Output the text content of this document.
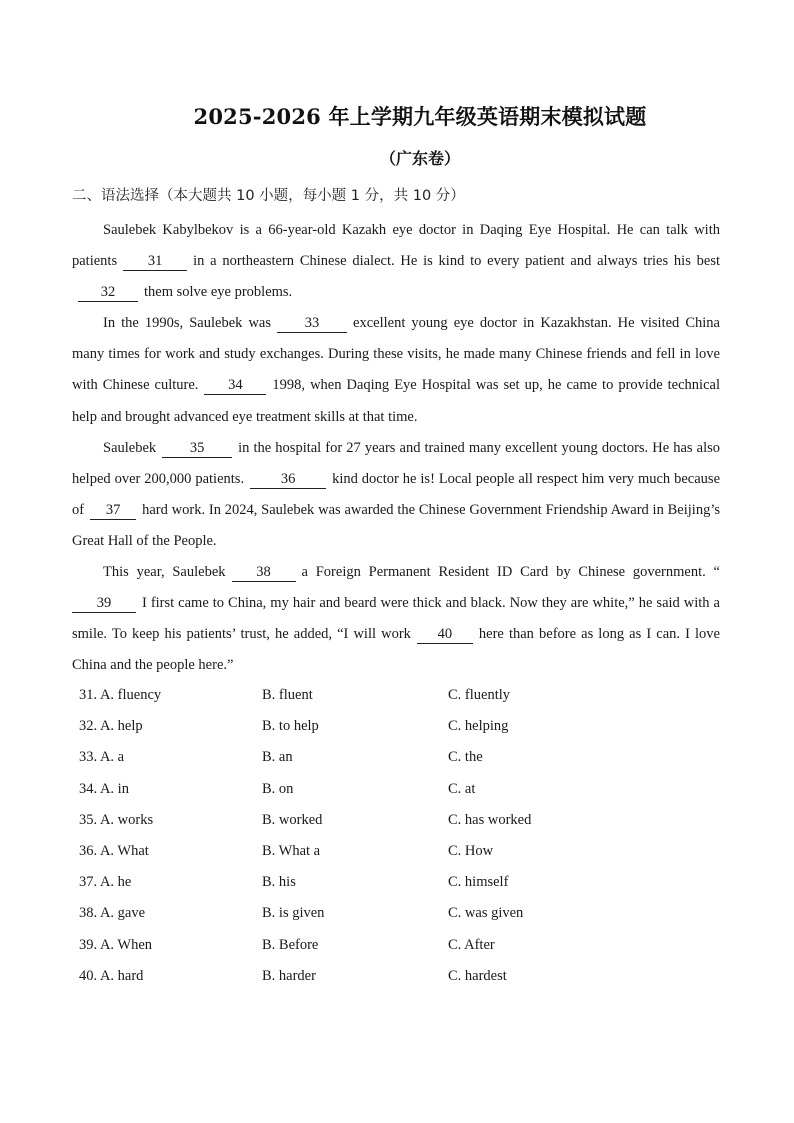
2025-2026 年上学期九年级英语期末模拟试题
（广东卷）
二、语法选择（本大题共 10 小题，每小题 1 分，共 10 分）

Saulebek Kabylbekov is a 66-year-old Kazakh eye doctor in Daqing Eye Hospital. He can talk with patients 31 in a northeastern Chinese dialect. He is kind to every patient and always tries his best32 them solve eye problems.

In the 1990s, Saulebek was 33 excellent young eye doctor in Kazakhstan. He visited China many times for work and study exchanges. During these visits, he made many Chinese friends and fell in love with Chinese culture. 34 1998, when Daqing Eye Hospital was set up, he came to provide technical help and brought advanced eye treatment skills at that time.

Saulebek 35 in the hospital for 27 years and trained many excellent young doctors. He has also helped over 200,000 patients.	36	kind doctor he is! Local people all respect him very much because of 37 hard work. In 2024, Saulebek was awarded the Chinese Government Friendship Award in Beijing’s Great Hall of the People.

This year, Saulebek 38 a Foreign Permanent Resident ID Card by Chinese government. “39 I first came to China, my hair and beard were thick and black. Now they are white,” he said with a smile. To keep his patients’ trust, he added, “I will work 40 here than before as long as I can. I love China and the people here.”

31. A. fluency	B. fluent	C. fluently
32. A. help	B. to help	C. helping
33. A. a	B. an	C. the
34. A. in	B. on	C. at
35. A. works	B. worked	C. has worked
36. A. What	B. What a	C. How
37. A. he	B. his	C. himself
38. A. gave	B. is given	C. was given
39. A. When	B. Before	C. After
40. A. hard	B. harder	C. hardest
